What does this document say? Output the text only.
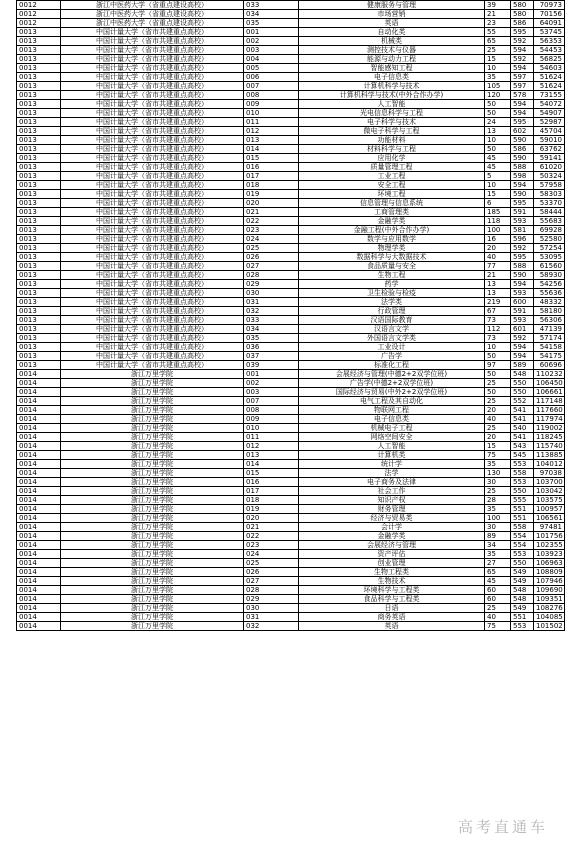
0012	浙江中医药大学（省重点建设高校）	033	健康服务与管理	39	580	70973
0012	浙江中医药大学（省重点建设高校）	034	市场营销	21	580	70156
0012	浙江中医药大学（省重点建设高校）	035	英语	23	586	64091
0013	中国计量大学（省市共建重点高校）	001	自动化类	55	595	53745
0013	中国计量大学（省市共建重点高校）	002	机械类	65	592	56353
0013	中国计量大学（省市共建重点高校）	003	测控技术与仪器	25	594	54453
0013	中国计量大学（省市共建重点高校）	004	能源与动力工程	15	592	56825
0013	中国计量大学（省市共建重点高校）	005	智能感知工程	10	594	54603
0013	中国计量大学（省市共建重点高校）	006	电子信息类	35	597	51624
0013	中国计量大学（省市共建重点高校）	007	计算机科学与技术	105	597	51624
0013	中国计量大学（省市共建重点高校）	008	计算机科学与技术(中外合作办学)	120	578	73155
0013	中国计量大学（省市共建重点高校）	009	人工智能	50	594	54072
0013	中国计量大学（省市共建重点高校）	010	光电信息科学与工程	50	594	54907
0013	中国计量大学（省市共建重点高校）	011	电子科学与技术	24	595	52987
0013	中国计量大学（省市共建重点高校）	012	微电子科学与工程	13	602	45704
0013	中国计量大学（省市共建重点高校）	013	功能材料	10	590	59010
0013	中国计量大学（省市共建重点高校）	014	材料科学与工程	50	586	63762
0013	中国计量大学（省市共建重点高校）	015	应用化学	45	590	59141
0013	中国计量大学（省市共建重点高校）	016	质量管理工程	45	588	61020
0013	中国计量大学（省市共建重点高校）	017	工业工程	5	598	50324
0013	中国计量大学（省市共建重点高校）	018	安全工程	10	594	57958
0013	中国计量大学（省市共建重点高校）	019	环境工程	15	590	58303
0013	中国计量大学（省市共建重点高校）	020	信息管理与信息系统	6	595	53370
0013	中国计量大学（省市共建重点高校）	021	工商管理类	185	591	58444
0013	中国计量大学（省市共建重点高校）	022	金融学类	118	593	55683
0013	中国计量大学（省市共建重点高校）	023	金融工程(中外合作办学)	100	581	69928
0013	中国计量大学（省市共建重点高校）	024	数学与应用数学	16	596	52580
0013	中国计量大学（省市共建重点高校）	025	物理学类	20	592	57254
0013	中国计量大学（省市共建重点高校）	026	数据科学与大数据技术	40	595	53095
0013	中国计量大学（省市共建重点高校）	027	食品质量与安全	77	588	61560
0013	中国计量大学（省市共建重点高校）	028	生物工程	21	590	58930
0013	中国计量大学（省市共建重点高校）	029	药学	13	594	54256
0013	中国计量大学（省市共建重点高校）	030	卫生检验与检疫	13	593	55636
0013	中国计量大学（省市共建重点高校）	031	法学类	219	600	48332
0013	中国计量大学（省市共建重点高校）	032	行政管理	67	591	58180
0013	中国计量大学（省市共建重点高校）	033	汉语国际教育	73	593	56306
0013	中国计量大学（省市共建重点高校）	034	汉语言文学	112	601	47139
0013	中国计量大学（省市共建重点高校）	035	外国语言文学类	73	592	57174
0013	中国计量大学（省市共建重点高校）	036	工业设计	10	594	54158
0013	中国计量大学（省市共建重点高校）	037	广告学	50	594	54175
0013	中国计量大学（省市共建重点高校）	039	标准化工程	97	589	60696
0014	浙江万里学院	001	会展经济与管理(中德2+2双学位班)	50	548	110232
0014	浙江万里学院	002	广告学(中德2+2双学位班)	25	550	106450
0014	浙江万里学院	003	国际经济与贸易(中外2+2双学位班)	50	550	106661
0014	浙江万里学院	007	电气工程及其自动化	25	552	117148
0014	浙江万里学院	008	物联网工程	20	541	117660
0014	浙江万里学院	009	电子信息类	40	541	117974
0014	浙江万里学院	010	机械电子工程	25	540	119002
0014	浙江万里学院	011	网络空间安全	20	541	118245
0014	浙江万里学院	012	人工智能	15	543	115740
0014	浙江万里学院	013	计算机类	75	545	113885
0014	浙江万里学院	014	统计学	35	553	104012
0014	浙江万里学院	015	法学	130	558	97038
0014	浙江万里学院	016	电子商务及法律	30	553	103700
0014	浙江万里学院	017	社会工作	25	550	103042
0014	浙江万里学院	018	知识产权	28	555	103575
0014	浙江万里学院	019	财务管理	35	551	100957
0014	浙江万里学院	020	经济与贸易类	100	551	106561
0014	浙江万里学院	021	会计学	30	558	97481
0014	浙江万里学院	022	金融学类	89	554	101756
0014	浙江万里学院	023	会展经济与管理	34	554	102355
0014	浙江万里学院	024	资产评估	35	553	103923
0014	浙江万里学院	025	创业管理	27	550	106963
0014	浙江万里学院	026	生物工程类	65	549	108809
0014	浙江万里学院	027	生物技术	45	549	107946
0014	浙江万里学院	028	环境科学与工程类	60	548	109690
0014	浙江万里学院	029	食品科学与工程类	60	548	109351
0014	浙江万里学院	030	日语	25	549	108276
0014	浙江万里学院	031	商务英语	40	551	104085
0014	浙江万里学院	032	英语	75	553	101502
高考直通车
